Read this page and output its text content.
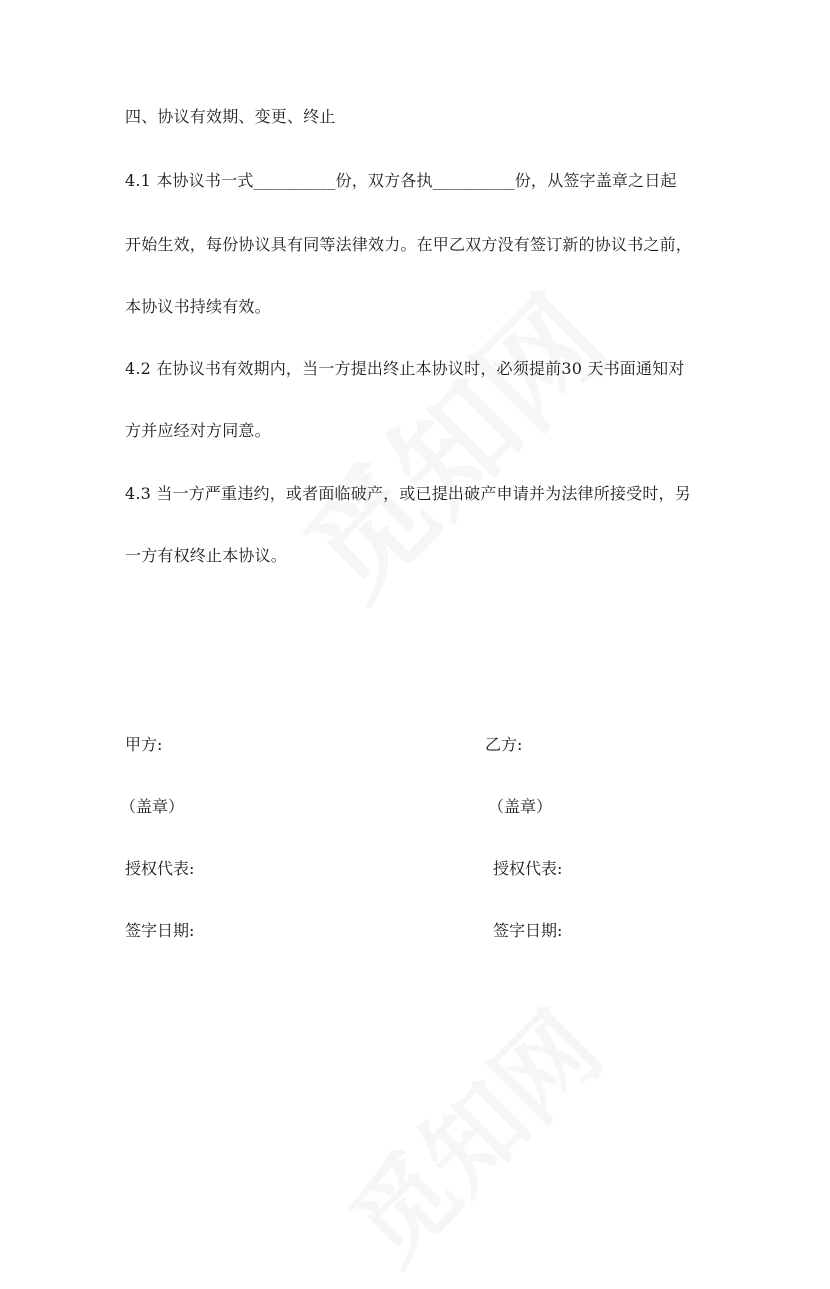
四、协议有效期、变更、终止
4.1 本协议书一式__________份，双方各执__________份，从签字盖章之日起
开始生效，每份协议具有同等法律效力。在甲乙双方没有签订新的协议书之前，
本协议书持续有效。
4.2 在协议书有效期内，当一方提出终止本协议时，必须提前30 天书面通知对
方并应经对方同意。
4.3 当一方严重违约，或者面临破产，或已提出破产申请并为法律所接受时，另
一方有权终止本协议。
甲方:
（盖章）
授权代表:
签字日期:
乙方:
（盖章）
授权代表:
签字日期:
